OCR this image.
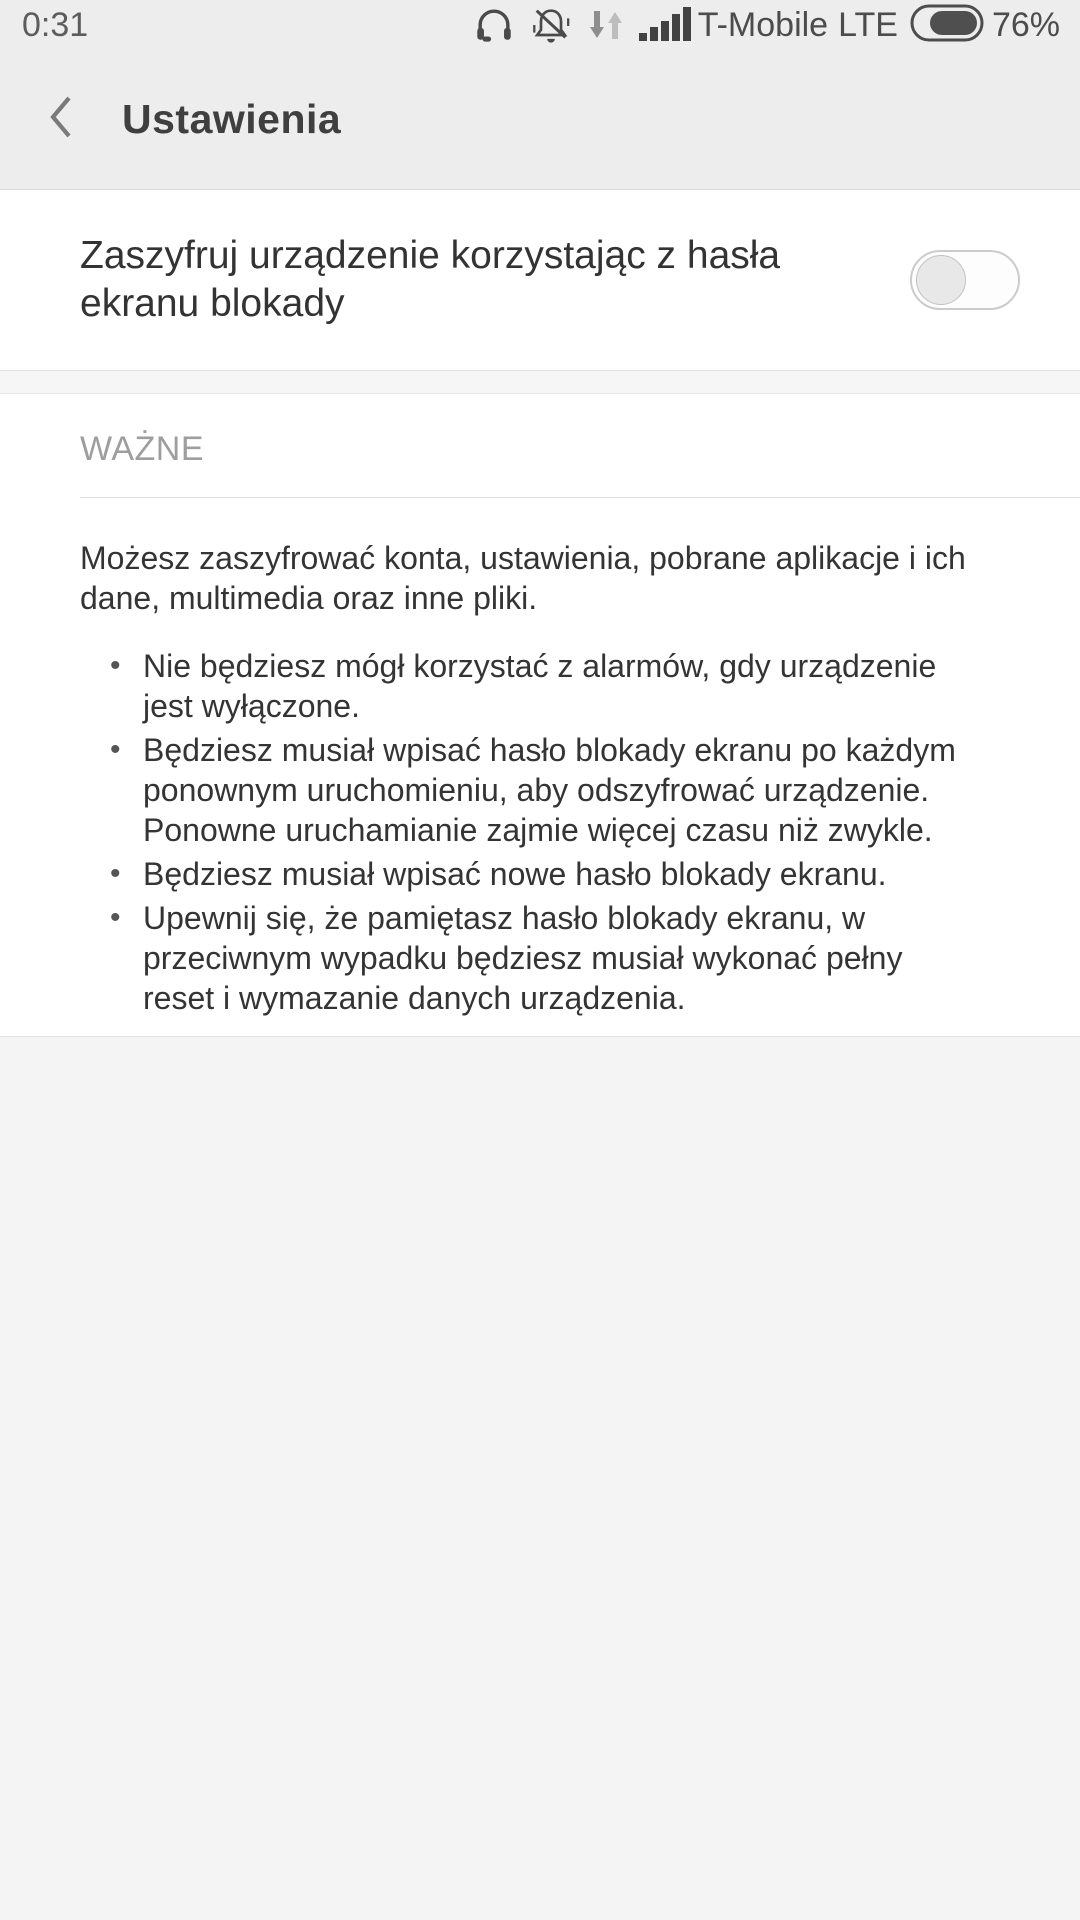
0:31	T-Mobile LTE	76%
Ustawienia
Zaszyfruj urządzenie korzystając z hasła ekranu blokady
WAŻNE

Możesz zaszyfrować konta, ustawienia, pobrane aplikacje i ich dane, multimedia oraz inne pliki.

• Nie będziesz mógł korzystać z alarmów, gdy urządzenie jest wyłączone.
• Będziesz musiał wpisać hasło blokady ekranu po każdym ponownym uruchomieniu, aby odszyfrować urządzenie. Ponowne uruchamianie zajmie więcej czasu niż zwykle.
• Będziesz musiał wpisać nowe hasło blokady ekranu.
• Upewnij się, że pamiętasz hasło blokady ekranu, w przeciwnym wypadku będziesz musiał wykonać pełny reset i wymazanie danych urządzenia.
